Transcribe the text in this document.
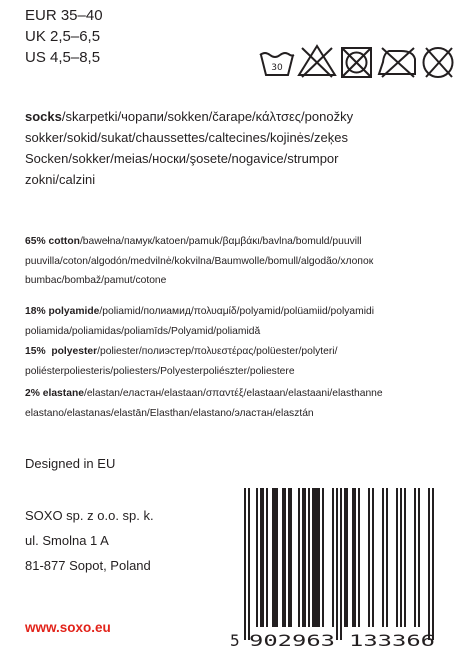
EUR 35–40
UK 2,5–6,5
US 4,5–8,5
30
socks/skarpetki/чорапи/sokken/čarape/κάλτσες/ponožky
sokker/sokid/sukat/chaussettes/caltecines/kojinės/zeķes
Socken/sokker/meias/носки/şosete/nogavice/strumpor
zokni/calzini
65% cotton/bawełna/памук/katoen/pamuk/βαμβάκι/bavlna/bomuld/puuvill
puuvilla/coton/algodón/medvilnė/kokvilna/Baumwolle/bomull/algodão/хлопок
bumbac/bombaž/pamut/cotone
18% polyamide/poliamid/полиамид/πολυαμίδ/polyamid/polüamiid/polyamidi
poliamida/poliamidas/poliamīds/Polyamid/poliamidă
15%  polyester/poliester/полиэстер/πολυεστέρας/polüester/polyteri/
poliésterpoliesteris/poliesters/Polyesterpoliészter/poliestere
2% elastane/elastan/еластан/elastaan/σπαντέξ/elastaan/elastaani/elasthanne
elastano/elastanas/elastān/Elasthan/elastano/эластан/elasztán
Designed in EU
SOXO sp. z o.o. sp. k.
ul. Smolna 1 A
81-877 Sopot, Poland
www.soxo.eu
5 902963 133366
